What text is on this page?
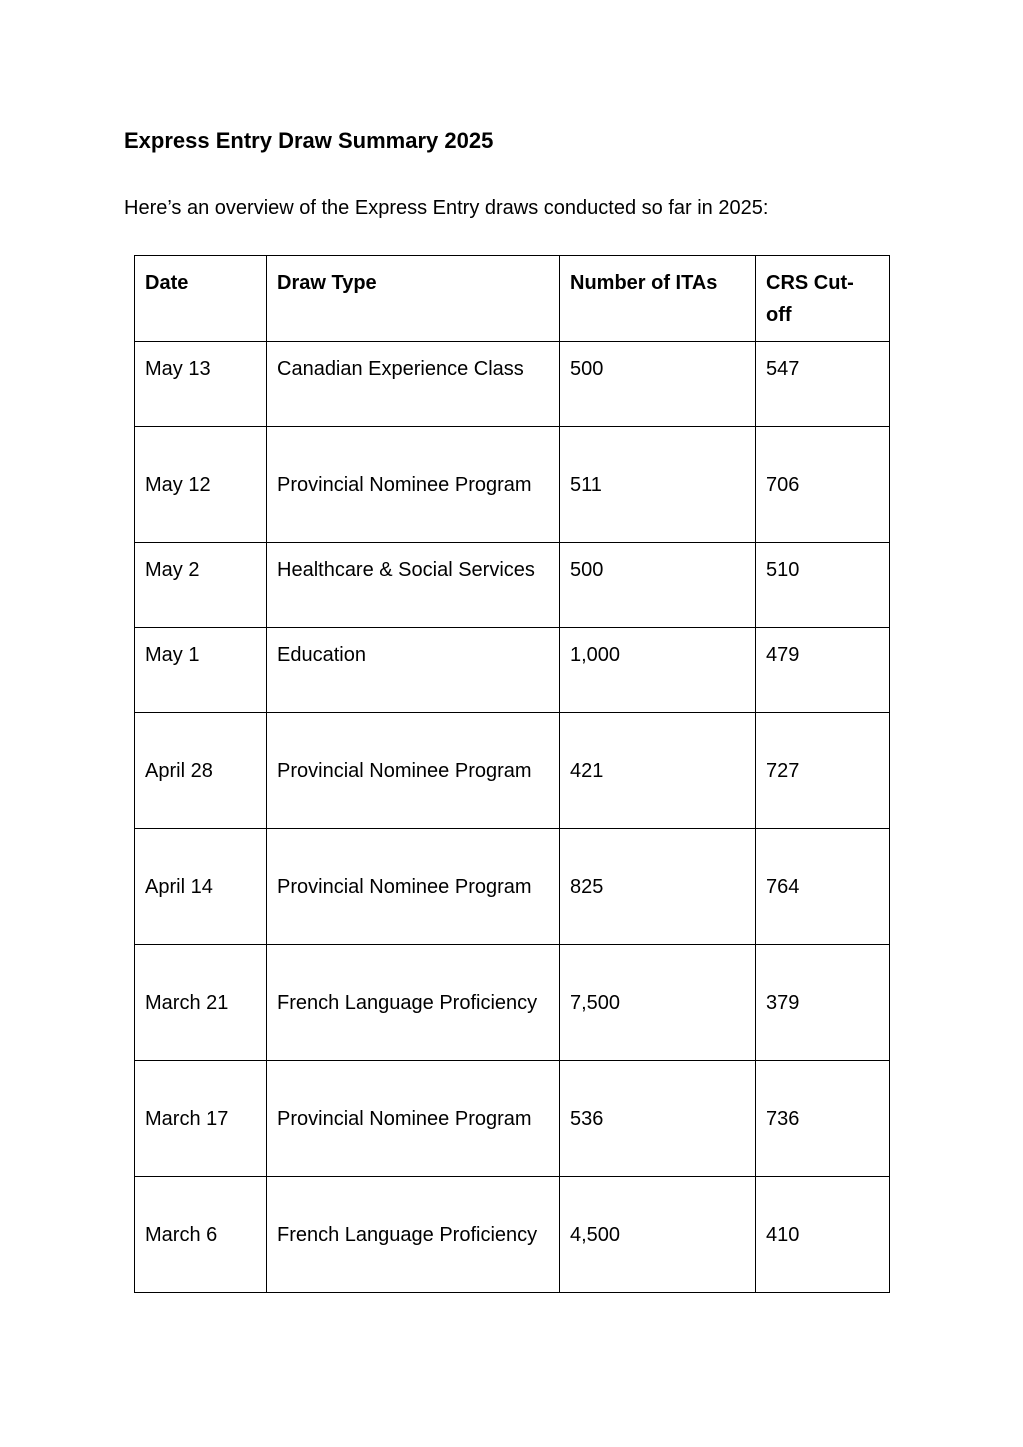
Express Entry Draw Summary 2025

Here’s an overview of the Express Entry draws conducted so far in 2025:

Date	Draw Type	Number of ITAs	CRS Cut-off
May 13	Canadian Experience Class	500	547
May 12	Provincial Nominee Program	511	706
May 2	Healthcare & Social Services	500	510
May 1	Education	1,000	479
April 28	Provincial Nominee Program	421	727
April 14	Provincial Nominee Program	825	764
March 21	French Language Proficiency	7,500	379
March 17	Provincial Nominee Program	536	736
March 6	French Language Proficiency	4,500	410
